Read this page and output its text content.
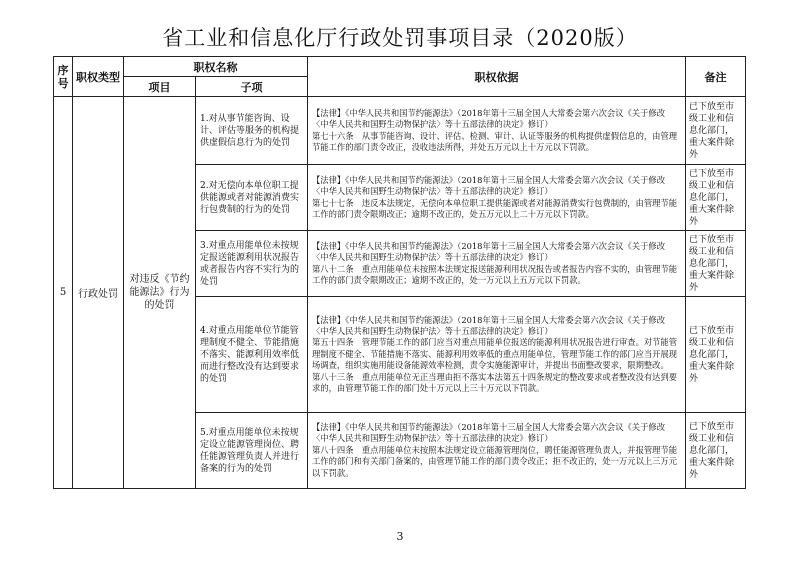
省工业和信息化厅行政处罚事项目录（2020版）
序号	职权类型	职权名称		职权依据	备注
		项目	子项		
5	行政处罚	对违反《节约能源法》行为的处罚	1.对从事节能咨询、设计、评估等服务的机构提供虚假信息行为的处罚	【法律】《中华人民共和国节约能源法》（2018年第十三届全国人大常委会第六次会议《关于修改〈中华人民共和国野生动物保护法〉等十五部法律的决定》修订）
第七十六条　从事节能咨询、设计、评估、检测、审计、认证等服务的机构提供虚假信息的，由管理节能工作的部门责令改正，没收违法所得，并处五万元以上十万元以下罚款。	已下放至市级工业和信息化部门，重大案件除外
			2.对无偿向本单位职工提供能源或者对能源消费实行包费制的行为的处罚	【法律】《中华人民共和国节约能源法》（2018年第十三届全国人大常委会第六次会议《关于修改〈中华人民共和国野生动物保护法〉等十五部法律的决定》修订）
第七十七条　违反本法规定，无偿向本单位职工提供能源或者对能源消费实行包费制的，由管理节能工作的部门责令限期改正；逾期不改正的，处五万元以上二十万元以下罚款。	已下放至市级工业和信息化部门，重大案件除外
			3.对重点用能单位未按规定报送能源利用状况报告或者报告内容不实行为的处罚	【法律】《中华人民共和国节约能源法》（2018年第十三届全国人大常委会第六次会议《关于修改〈中华人民共和国野生动物保护法〉等十五部法律的决定》修订）
第八十二条　重点用能单位未按照本法规定报送能源利用状况报告或者报告内容不实的，由管理节能工作的部门责令限期改正；逾期不改正的，处一万元以上五万元以下罚款。	已下放至市级工业和信息化部门，重大案件除外
			4.对重点用能单位节能管理制度不健全、节能措施不落实、能源利用效率低而进行整改没有达到要求的处罚	【法律】《中华人民共和国节约能源法》（2018年第十三届全国人大常委会第六次会议《关于修改〈中华人民共和国野生动物保护法〉等十五部法律的决定》修订）
第五十四条　管理节能工作的部门应当对重点用能单位报送的能源利用状况报告进行审查。对节能管理制度不健全、节能措施不落实、能源利用效率低的重点用能单位，管理节能工作的部门应当开展现场调查，组织实施用能设备能源效率检测，责令实施能源审计，并提出书面整改要求，限期整改。
第八十三条　重点用能单位无正当理由拒不落实本法第五十四条规定的整改要求或者整改没有达到要求的，由管理节能工作的部门处十万元以上三十万元以下罚款。	已下放至市级工业和信息化部门，重大案件除外
			5.对重点用能单位未按规定设立能源管理岗位、聘任能源管理负责人并进行备案的行为的处罚	【法律】《中华人民共和国节约能源法》（2018年第十三届全国人大常委会第六次会议《关于修改〈中华人民共和国野生动物保护法〉等十五部法律的决定》修订）
第八十四条　重点用能单位未按照本法规定设立能源管理岗位，聘任能源管理负责人，并报管理节能工作的部门和有关部门备案的，由管理节能工作的部门责令改正；拒不改正的，处一万元以上三万元以下罚款。	已下放至市级工业和信息化部门，重大案件除外
3
